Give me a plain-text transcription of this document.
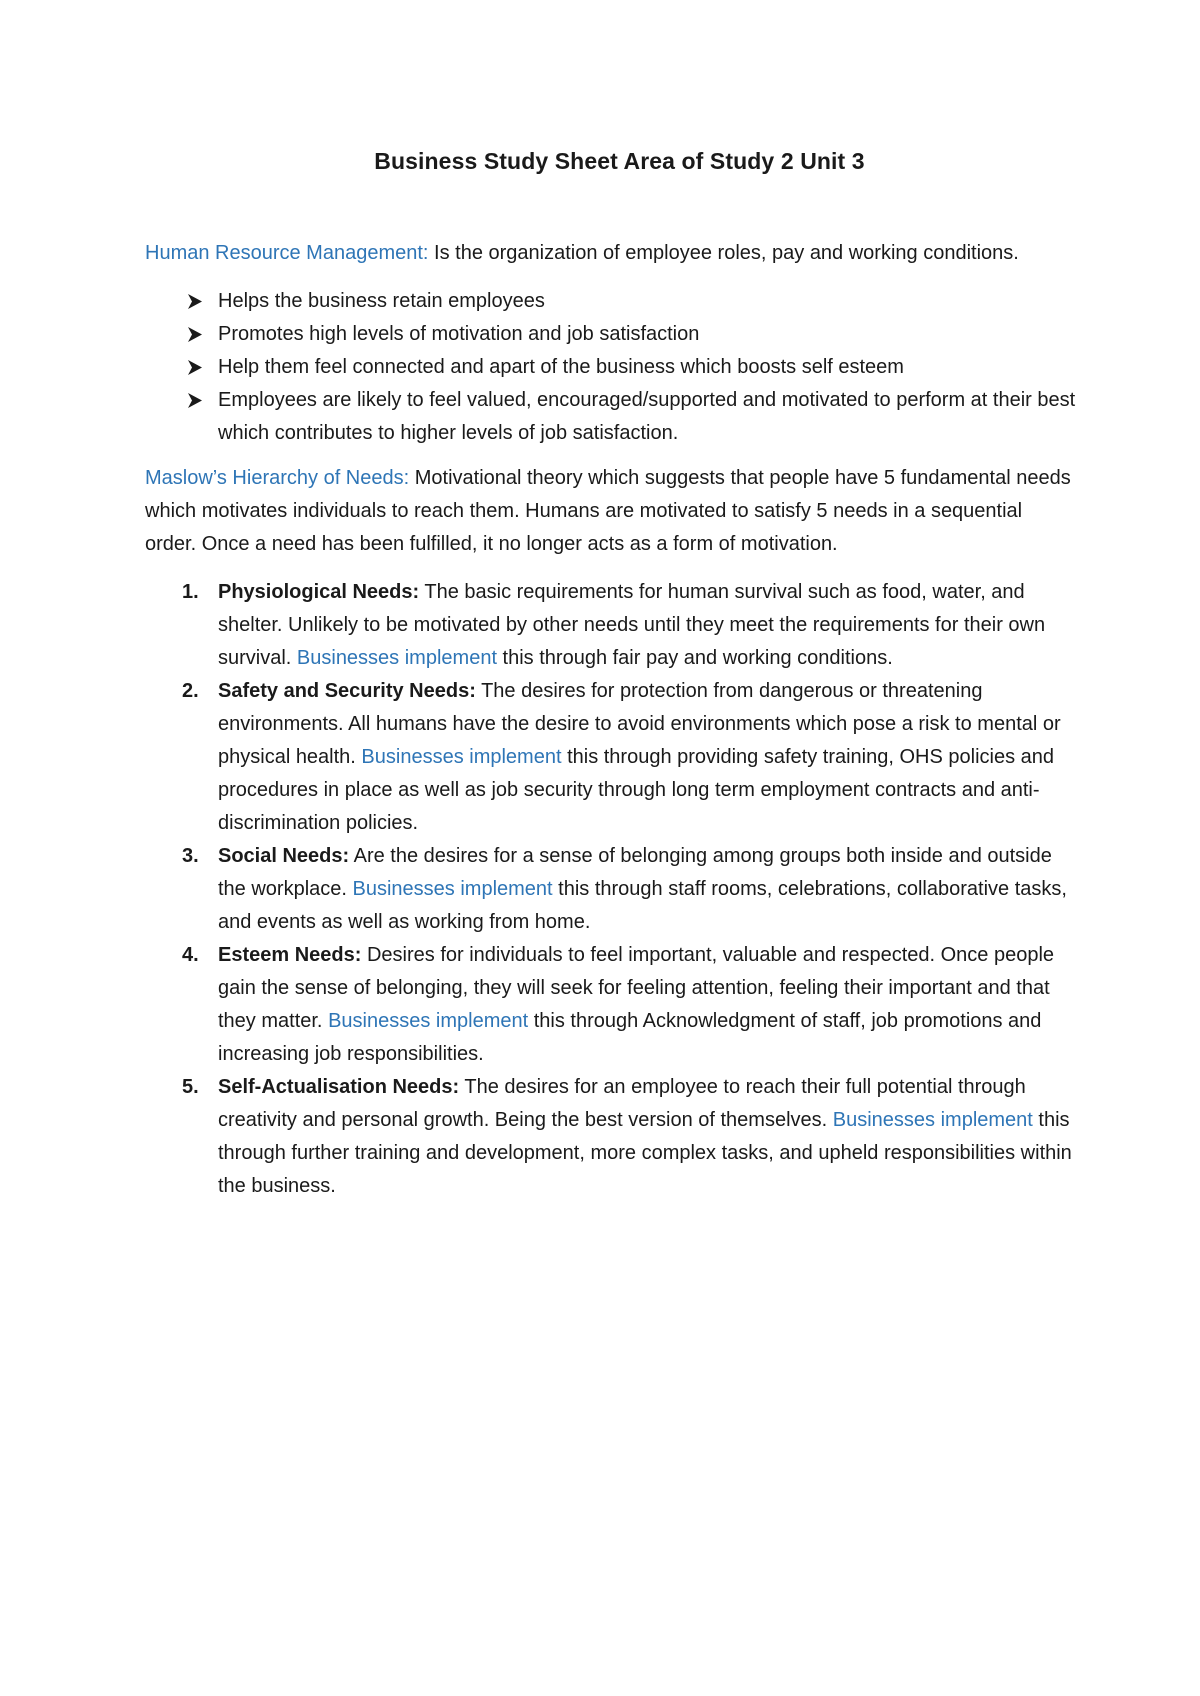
Business Study Sheet Area of Study 2 Unit 3

Human Resource Management: Is the organization of employee roles, pay and working conditions.

Helps the business retain employees
Promotes high levels of motivation and job satisfaction
Help them feel connected and apart of the business which boosts self esteem
Employees are likely to feel valued, encouraged/supported and motivated to perform at their best which contributes to higher levels of job satisfaction.

Maslow’s Hierarchy of Needs: Motivational theory which suggests that people have 5 fundamental needs which motivates individuals to reach them. Humans are motivated to satisfy 5 needs in a sequential order. Once a need has been fulfilled, it no longer acts as a form of motivation.

1. Physiological Needs: The basic requirements for human survival such as food, water, and shelter. Unlikely to be motivated by other needs until they meet the requirements for their own survival. Businesses implement this through fair pay and working conditions.
2. Safety and Security Needs: The desires for protection from dangerous or threatening environments. All humans have the desire to avoid environments which pose a risk to mental or physical health. Businesses implement this through providing safety training, OHS policies and procedures in place as well as job security through long term employment contracts and anti-discrimination policies.
3. Social Needs: Are the desires for a sense of belonging among groups both inside and outside the workplace. Businesses implement this through staff rooms, celebrations, collaborative tasks, and events as well as working from home.
4. Esteem Needs: Desires for individuals to feel important, valuable and respected. Once people gain the sense of belonging, they will seek for feeling attention, feeling their important and that they matter. Businesses implement this through Acknowledgment of staff, job promotions and increasing job responsibilities.
5. Self-Actualisation Needs: The desires for an employee to reach their full potential through creativity and personal growth. Being the best version of themselves. Businesses implement this through further training and development, more complex tasks, and upheld responsibilities within the business.
